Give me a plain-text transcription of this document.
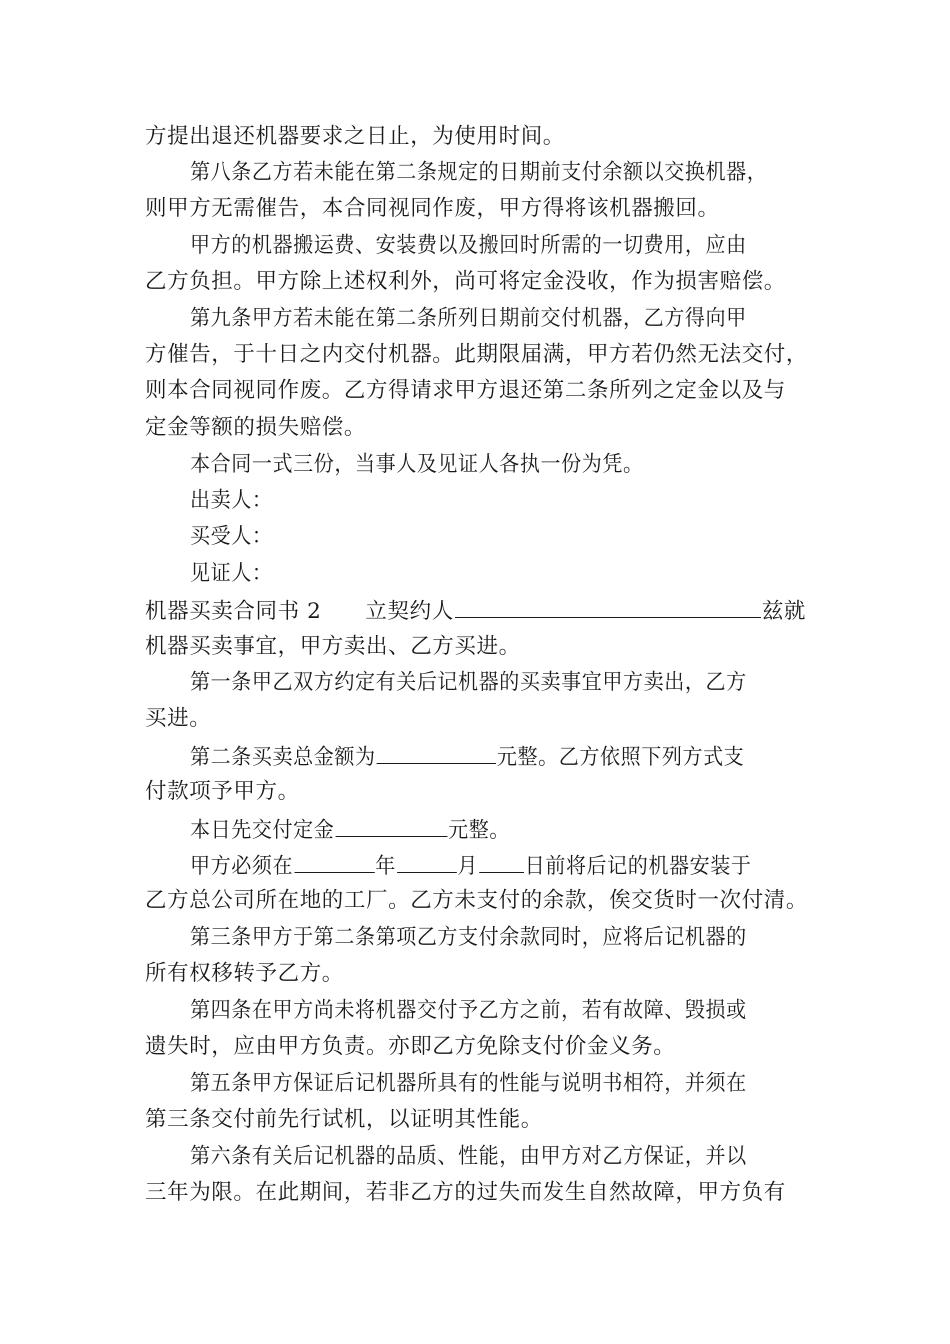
方提出退还机器要求之日止，为使用时间。
第八条乙方若未能在第二条规定的日期前支付余额以交换机器，
则甲方无需催告，本合同视同作废，甲方得将该机器搬回。
甲方的机器搬运费、安装费以及搬回时所需的一切费用，应由
乙方负担。甲方除上述权利外，尚可将定金没收，作为损害赔偿。
第九条甲方若未能在第二条所列日期前交付机器，乙方得向甲
方催告，于十日之内交付机器。此期限届满，甲方若仍然无法交付，
则本合同视同作废。乙方得请求甲方退还第二条所列之定金以及与
定金等额的损失赔偿。
本合同一式三份，当事人及见证人各执一份为凭。
出卖人：
买受人：
见证人：
机器买卖合同书 2 立契约人	兹就
机器买卖事宜，甲方卖出、乙方买进。
第一条甲乙双方约定有关后记机器的买卖事宜甲方卖出，乙方
买进。
第二条买卖总金额为	元整。乙方依照下列方式支
付款项予甲方。
本日先交付定金	元整。
甲方必须在	年	月 日前将后记的机器安装于
乙方总公司所在地的工厂。乙方未支付的余款，俟交货时一次付清。
第三条甲方于第二条第项乙方支付余款同时，应将后记机器的
所有权移转予乙方。
第四条在甲方尚未将机器交付予乙方之前，若有故障、毁损或
遗失时，应由甲方负责。亦即乙方免除支付价金义务。
第五条甲方保证后记机器所具有的性能与说明书相符，并须在
第三条交付前先行试机，以证明其性能。
第六条有关后记机器的品质、性能，由甲方对乙方保证，并以
三年为限。在此期间，若非乙方的过失而发生自然故障，甲方负有
